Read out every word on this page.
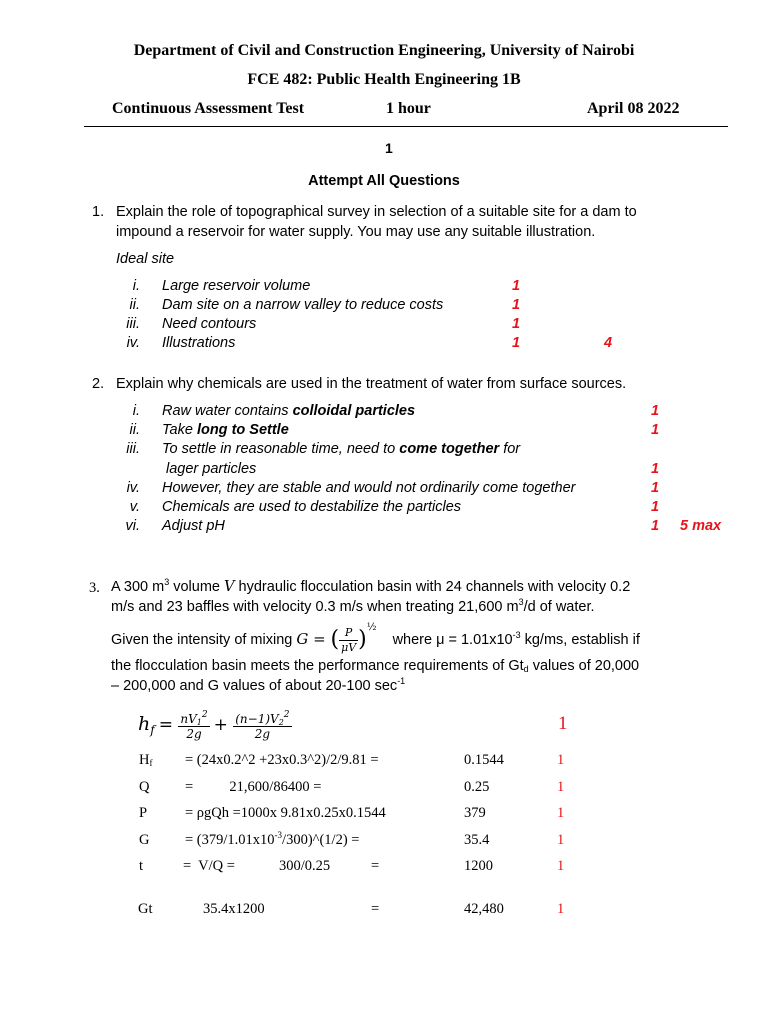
Department of Civil and Construction Engineering, University of Nairobi
FCE 482: Public Health Engineering 1B
Continuous Assessment Test	1 hour	April 08 2022
1
Attempt All Questions
1. Explain the role of topographical survey in selection of a suitable site for a dam to
impound a reservoir for water supply. You may use any suitable illustration.
Ideal site
i. Large reservoir volume	1
ii. Dam site on a narrow valley to reduce costs	1
iii. Need contours	1
iv. Illustrations	1	4
2. Explain why chemicals are used in the treatment of water from surface sources.
i. Raw water contains colloidal particles	1
ii. Take long to Settle	1
iii. To settle in reasonable time, need to come together for
lager particles	1
iv. However, they are stable and would not ordinarily come together	1
v. Chemicals are used to destabilize the particles	1
vi. Adjust pH	1 5 max
3. A 300 $m^3$ volume V hydraulic flocculation basin with 24 channels with velocity 0.2
m/s and 23 baffles with velocity 0.3 m/s when treating 21,600 $m^3/d$ of water.
Given the intensity of mixing G = ( $\frac{P}{\mu V} )^{\frac{1}{2}}$    where $\mu = 1.01x10^{-3}$ kg/ms, establish if
the flocculation basin meets the performance requirements of $Gt_d$ values of 20,000
– 200,000 and G values of about 20-100 $\sec^{-1}$
$h_f = \frac{nV_1^2}{2g} + \frac{(n-1)V_2^2}{2g}$	1
$H_f$ = (24x0.2^2 +23x0.3^2)/2/9.81 =	0.1544	1
Q =          21,600/86400 =	0.25	1
P	= ρgQh =1000x 9.81x0.25x0.1544	379	1
$G = (379/1.01x10^{-3}/300)\^{}(1/2)$ =	35.4	1
t	=  V/Q =	300/0.25	=	1200	1
Gt	35.4x1200	=	42,480	1
